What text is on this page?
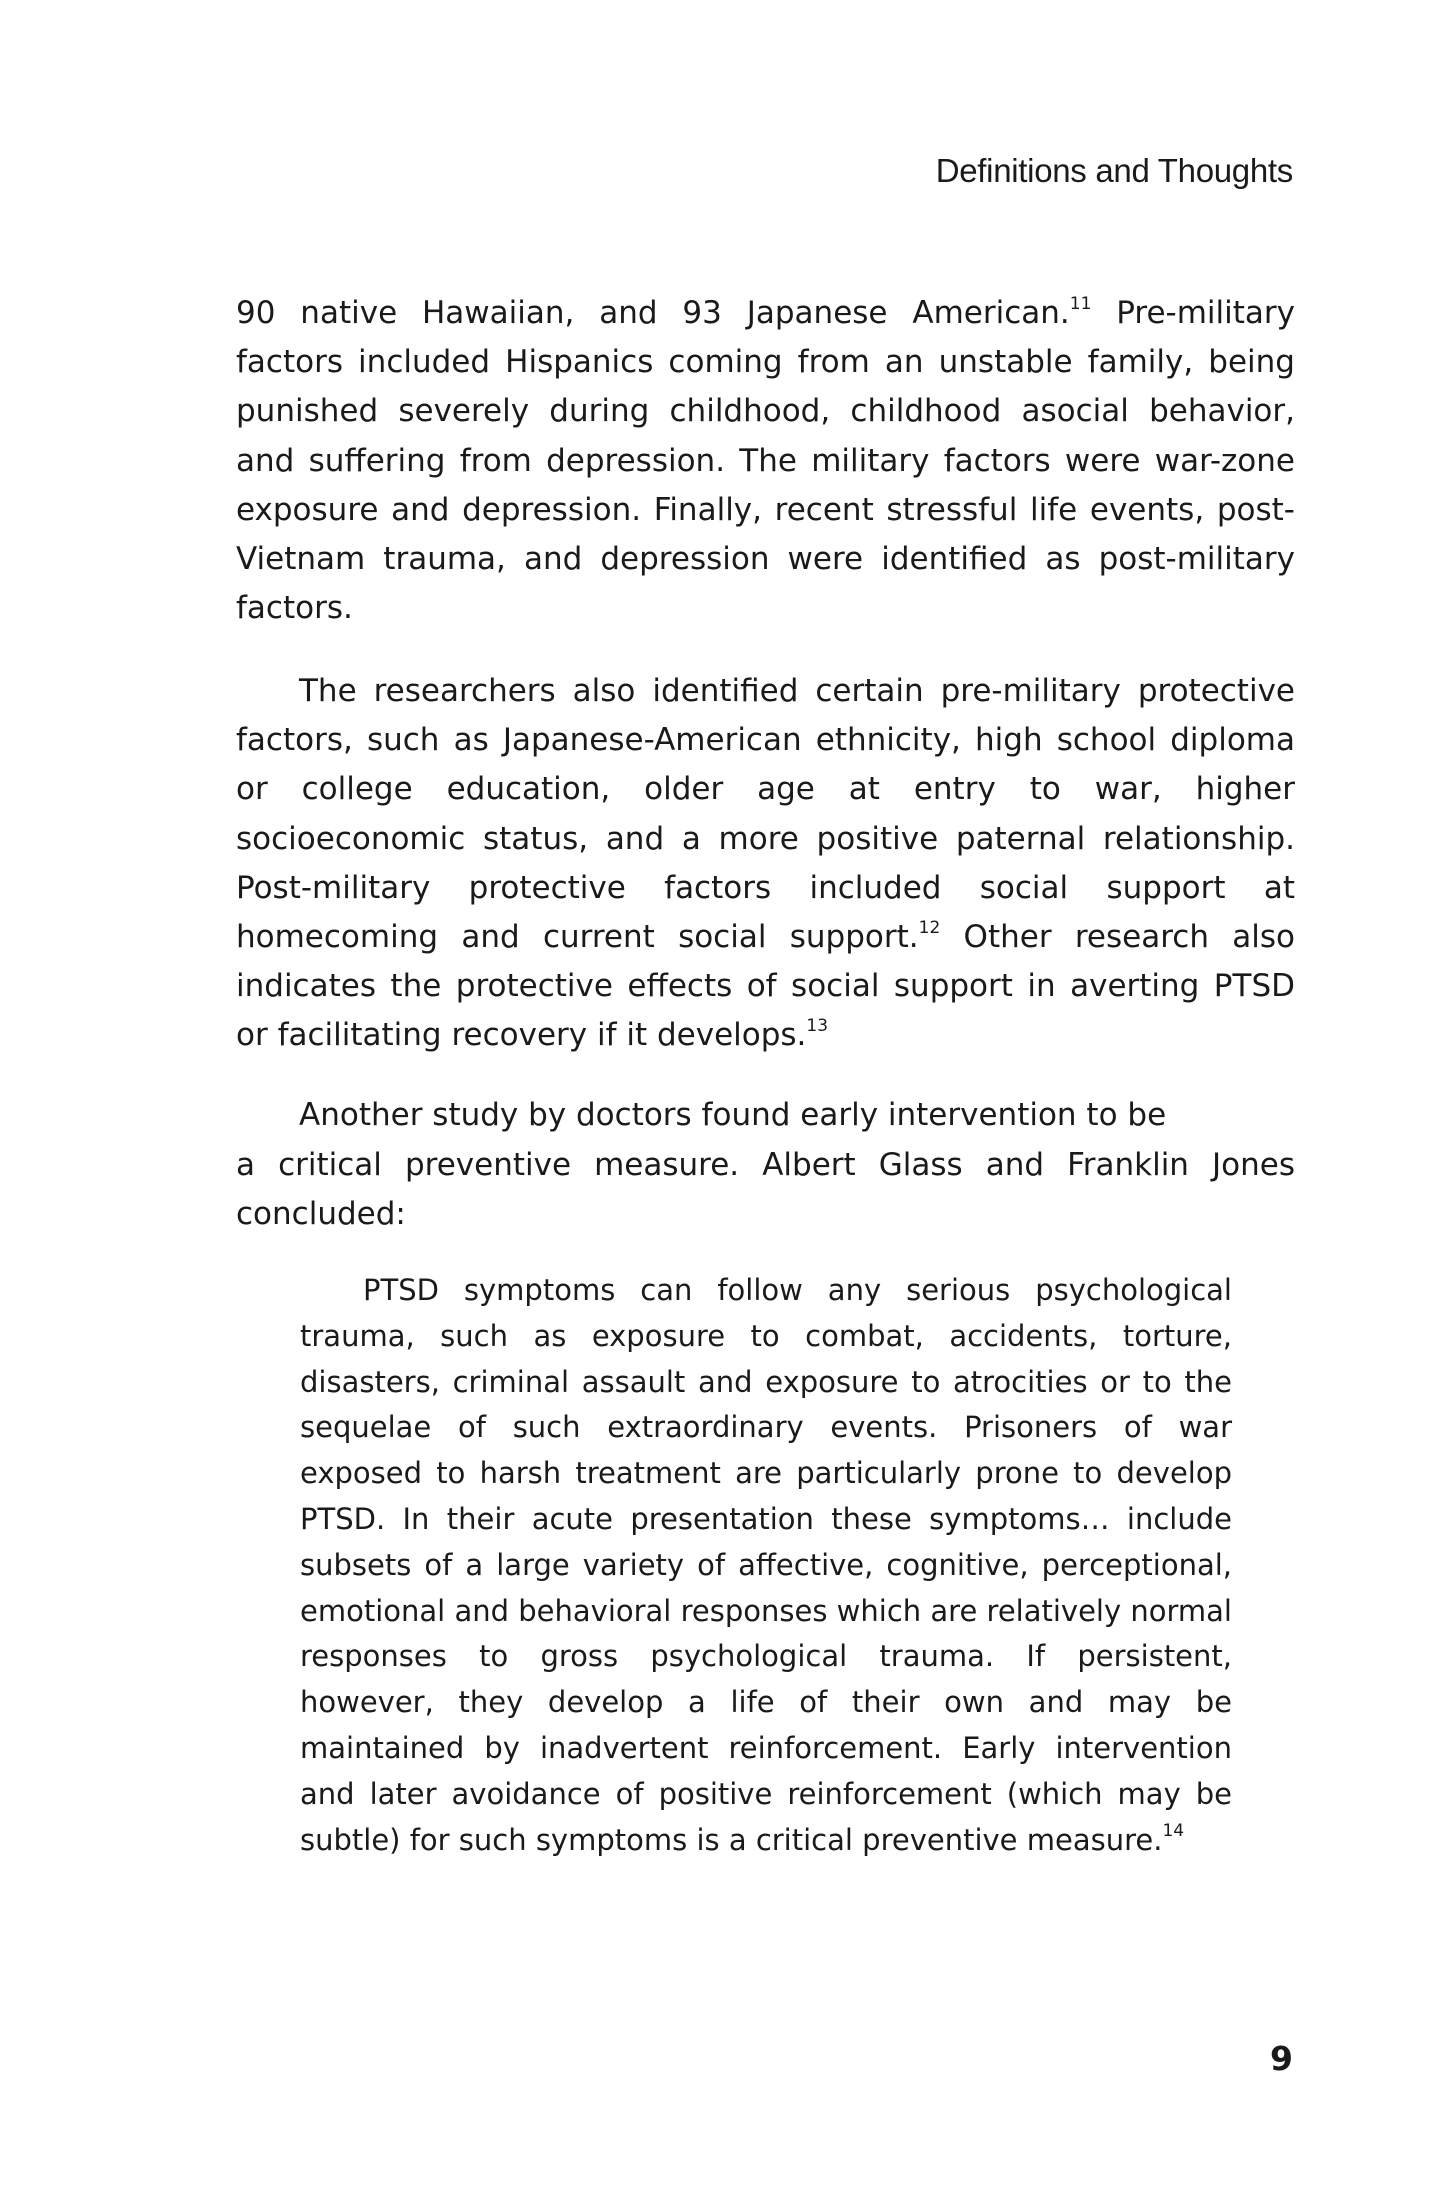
Definitions and Thoughts

90 native Hawaiian, and 93 Japanese American.$^{11}$ Pre-military factors included Hispanics coming from an unstable family, being punished severely during childhood, childhood asocial behavior, and suffering from depression. The military factors were war-zone exposure and depression. Finally, recent stressful life events, post-Vietnam trauma, and depression were identified as post-military factors.

The researchers also identified certain pre-military protective factors, such as Japanese-American ethnicity, high school diploma or college education, older age at entry to war, higher socioeconomic status, and a more positive paternal relationship. Post-military protective factors included social support at homecoming and current social support.$^{12}$ Other research also indicates the protective effects of social support in averting PTSD or facilitating recovery if it develops.$^{13}$

Another study by doctors found early intervention to be

a critical preventive measure. Albert Glass and Franklin Jones concluded:

PTSD symptoms can follow any serious psychological trauma, such as exposure to combat, accidents, torture, disasters, criminal assault and exposure to atrocities or to the sequelae of such extraordinary events. Prisoners of war exposed to harsh treatment are particularly prone to develop PTSD. In their acute presentation these symptoms… include subsets of a large variety of affective, cognitive, perceptional, emotional and behavioral responses which are relatively normal responses to gross psychological trauma. If persistent, however, they develop a life of their own and may be maintained by inadvertent reinforcement. Early intervention and later avoidance of positive reinforcement (which may be subtle) for such symptoms is a critical preventive measure.$^{14}$

9
